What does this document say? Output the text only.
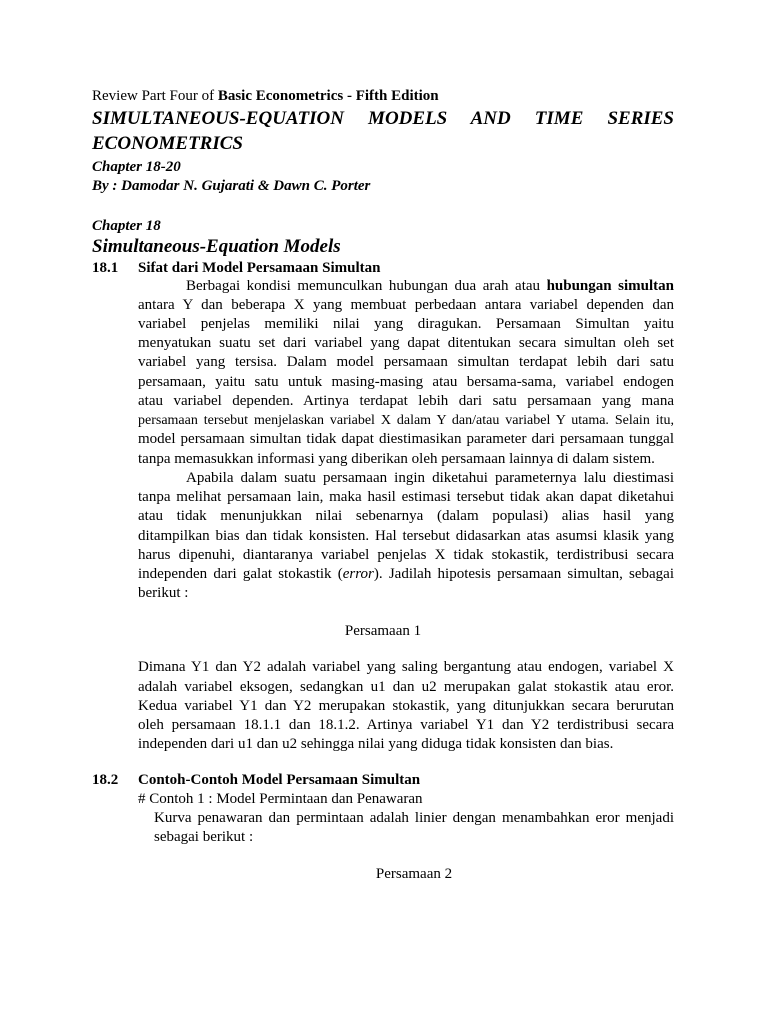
Review Part Four of Basic Econometrics - Fifth Edition
SIMULTANEOUS-EQUATION MODELS AND TIME SERIES
ECONOMETRICS
Chapter 18-20
By : Damodar N. Gujarati & Dawn C. Porter
Chapter 18
Simultaneous-Equation Models
18.1 Sifat dari Model Persamaan Simultan
Berbagai kondisi memunculkan hubungan dua arah atau hubungan simultan
antara Y dan beberapa X yang membuat perbedaan antara variabel dependen dan
variabel penjelas memiliki nilai yang diragukan. Persamaan Simultan yaitu
menyatukan suatu set dari variabel yang dapat ditentukan secara simultan oleh set
variabel yang tersisa. Dalam model persamaan simultan terdapat lebih dari satu
persamaan, yaitu satu untuk masing-masing atau bersama-sama, variabel endogen
atau variabel dependen. Artinya terdapat lebih dari satu persamaan yang mana
persamaan tersebut menjelaskan variabel X dalam Y dan/atau variabel Y utama. Selain itu,
model persamaan simultan tidak dapat diestimasikan parameter dari persamaan tunggal
tanpa memasukkan informasi yang diberikan oleh persamaan lainnya di dalam sistem.
Apabila dalam suatu persamaan ingin diketahui parameternya lalu diestimasi
tanpa melihat persamaan lain, maka hasil estimasi tersebut tidak akan dapat diketahui
atau tidak menunjukkan nilai sebenarnya (dalam populasi) alias hasil yang
ditampilkan bias dan tidak konsisten. Hal tersebut didasarkan atas asumsi klasik yang
harus dipenuhi, diantaranya variabel penjelas X tidak stokastik, terdistribusi secara
independen dari galat stokastik (error). Jadilah hipotesis persamaan simultan, sebagai
berikut :
Persamaan 1
Dimana Y1 dan Y2 adalah variabel yang saling bergantung atau endogen, variabel X
adalah variabel eksogen, sedangkan u1 dan u2 merupakan galat stokastik atau eror.
Kedua variabel Y1 dan Y2 merupakan stokastik, yang ditunjukkan secara berurutan
oleh persamaan 18.1.1 dan 18.1.2. Artinya variabel Y1 dan Y2 terdistribusi secara
independen dari u1 dan u2 sehingga nilai yang diduga tidak konsisten dan bias.
18.2 Contoh-Contoh Model Persamaan Simultan
# Contoh 1 : Model Permintaan dan Penawaran
Kurva penawaran dan permintaan adalah linier dengan menambahkan eror menjadi
sebagai berikut :
Persamaan 2
